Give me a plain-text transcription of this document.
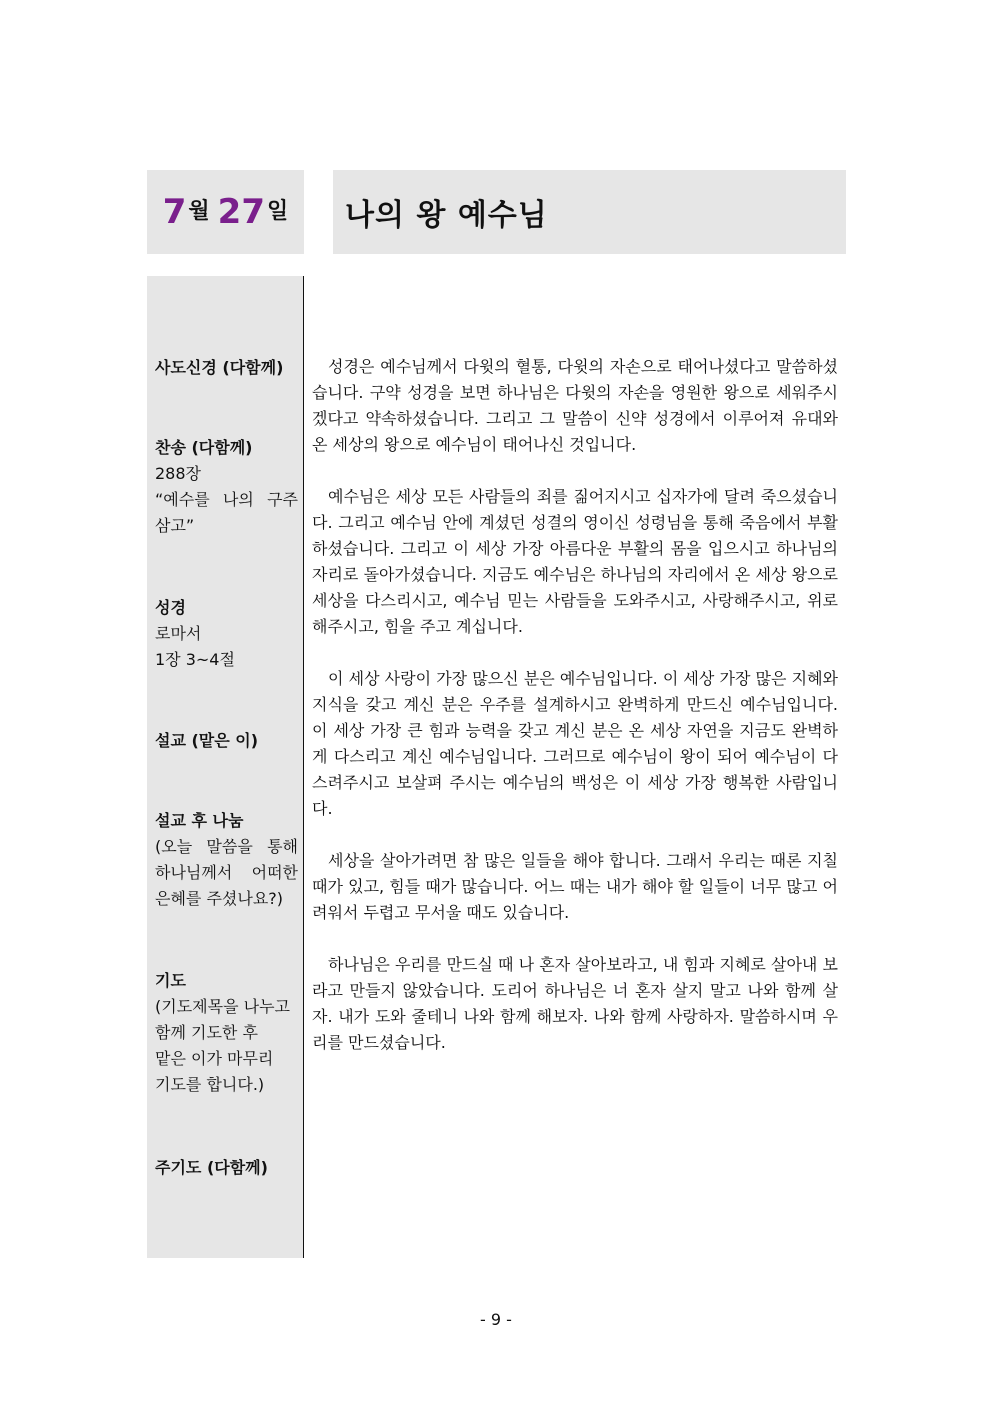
7 월 27 일 나의 왕 예수님
사도신경 (다함께)
찬송 (다함께)
288장
“예수를 나의 구주 삼고”
성경
로마서
1장 3~4절
설교 (맡은 이)
설교 후 나눔
(오늘 말씀을 통해 하나님께서 어떠한 은혜를 주셨나요?)
기도
(기도제목을 나누고
함께 기도한 후
맡은 이가 마무리
기도를 합니다.)
주기도 (다함께)

성경은 예수님께서 다윗의 혈통, 다윗의 자손으로 태어나셨다고 말씀하셨습니다. 구약 성경을 보면 하나님은 다윗의 자손을 영원한 왕으로 세워주시겠다고 약속하셨습니다. 그리고 그 말씀이 신약 성경에서 이루어져 유대와 온 세상의 왕으로 예수님이 태어나신 것입니다.

예수님은 세상 모든 사람들의 죄를 짊어지시고 십자가에 달려 죽으셨습니다. 그리고 예수님 안에 계셨던 성결의 영이신 성령님을 통해 죽음에서 부활하셨습니다. 그리고 이 세상 가장 아름다운 부활의 몸을 입으시고 하나님의 자리로 돌아가셨습니다. 지금도 예수님은 하나님의 자리에서 온 세상 왕으로 세상을 다스리시고, 예수님 믿는 사람들을 도와주시고, 사랑해주시고, 위로해주시고, 힘을 주고 계십니다.

이 세상 사랑이 가장 많으신 분은 예수님입니다. 이 세상 가장 많은 지혜와 지식을 갖고 계신 분은 우주를 설계하시고 완벽하게 만드신 예수님입니다. 이 세상 가장 큰 힘과 능력을 갖고 계신 분은 온 세상 자연을 지금도 완벽하게 다스리고 계신 예수님입니다. 그러므로 예수님이 왕이 되어 예수님이 다스려주시고 보살펴 주시는 예수님의 백성은 이 세상 가장 행복한 사람입니다.

세상을 살아가려면 참 많은 일들을 해야 합니다. 그래서 우리는 때론 지칠 때가 있고, 힘들 때가 많습니다. 어느 때는 내가 해야 할 일들이 너무 많고 어려워서 두렵고 무서울 때도 있습니다.

하나님은 우리를 만드실 때 나 혼자 살아보라고, 내 힘과 지혜로 살아내 보라고 만들지 않았습니다. 도리어 하나님은 너 혼자 살지 말고 나와 함께 살자. 내가 도와 줄테니 나와 함께 해보자. 나와 함께 사랑하자. 말씀하시며 우리를 만드셨습니다.

- 9 -
